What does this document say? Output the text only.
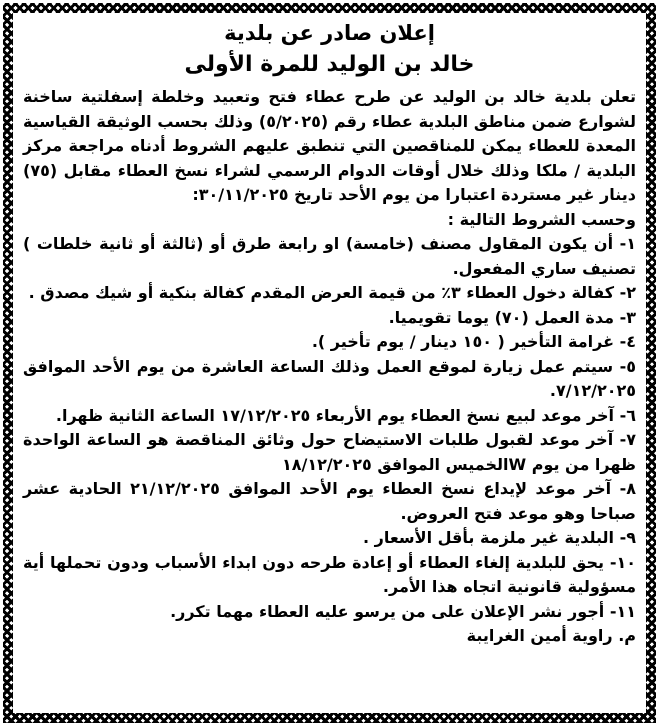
إعلان صادر عن بلدية
خالد بن الوليد للمرة الأولى

تعلن بلدية خالد بن الوليد عن طرح عطاء فتح وتعبيد وخلطة إسفلتية ساخنة لشوارع ضمن مناطق البلدية عطاء رقم (٥/٢٠٢٥) وذلك بحسب الوثيقة القياسية المعدة للعطاء يمكن للمناقصين التي تنطبق عليهم الشروط أدناه مراجعة مركز البلدية / ملكا وذلك خلال أوقات الدوام الرسمي لشراء نسخ العطاء مقابل (٧٥) دينار غير مستردة اعتبارا من يوم الأحد تاريخ ٣٠/١١/٢٠٢٥:

وحسب الشروط التالية :

١- أن يكون المقاول مصنف (خامسة) او رابعة طرق أو (ثالثة أو ثانية خلطات ) تصنيف ساري المفعول.

٢- كفالة دخول العطاء ٣٪ من قيمة العرض المقدم كفالة بنكية أو شيك مصدق .

٣- مدة العمل (٧٠) يوما تقويميا.

٤- غرامة التأخير ( ١٥٠ دينار / يوم تأخير ).

٥- سيتم عمل زيارة لموقع العمل وذلك الساعة العاشرة من يوم الأحد الموافق ٧/١٢/٢٠٢٥.

٦- آخر موعد لبيع نسخ العطاء يوم الأربعاء ١٧/١٢/٢٠٢٥ الساعة الثانية ظهرا.

٧- آخر موعد لقبول طلبات الاستيضاح حول وثائق المناقصة هو الساعة الواحدة ظهرا من يوم Wالخميس الموافق ١٨/١٢/٢٠٢٥

٨- آخر موعد لإيداع نسخ العطاء يوم الأحد الموافق ٢١/١٢/٢٠٢٥ الحادية عشر صباحا وهو موعد فتح العروض.

٩- البلدية غير ملزمة بأقل الأسعار .

١٠- يحق للبلدية إلغاء العطاء أو إعادة طرحه دون ابداء الأسباب ودون تحملها أية مسؤولية قانونية اتجاه هذا الأمر.

١١- أجور نشر الإعلان على من يرسو عليه العطاء مهما تكرر.

م. راوية أمين الغرايبة
